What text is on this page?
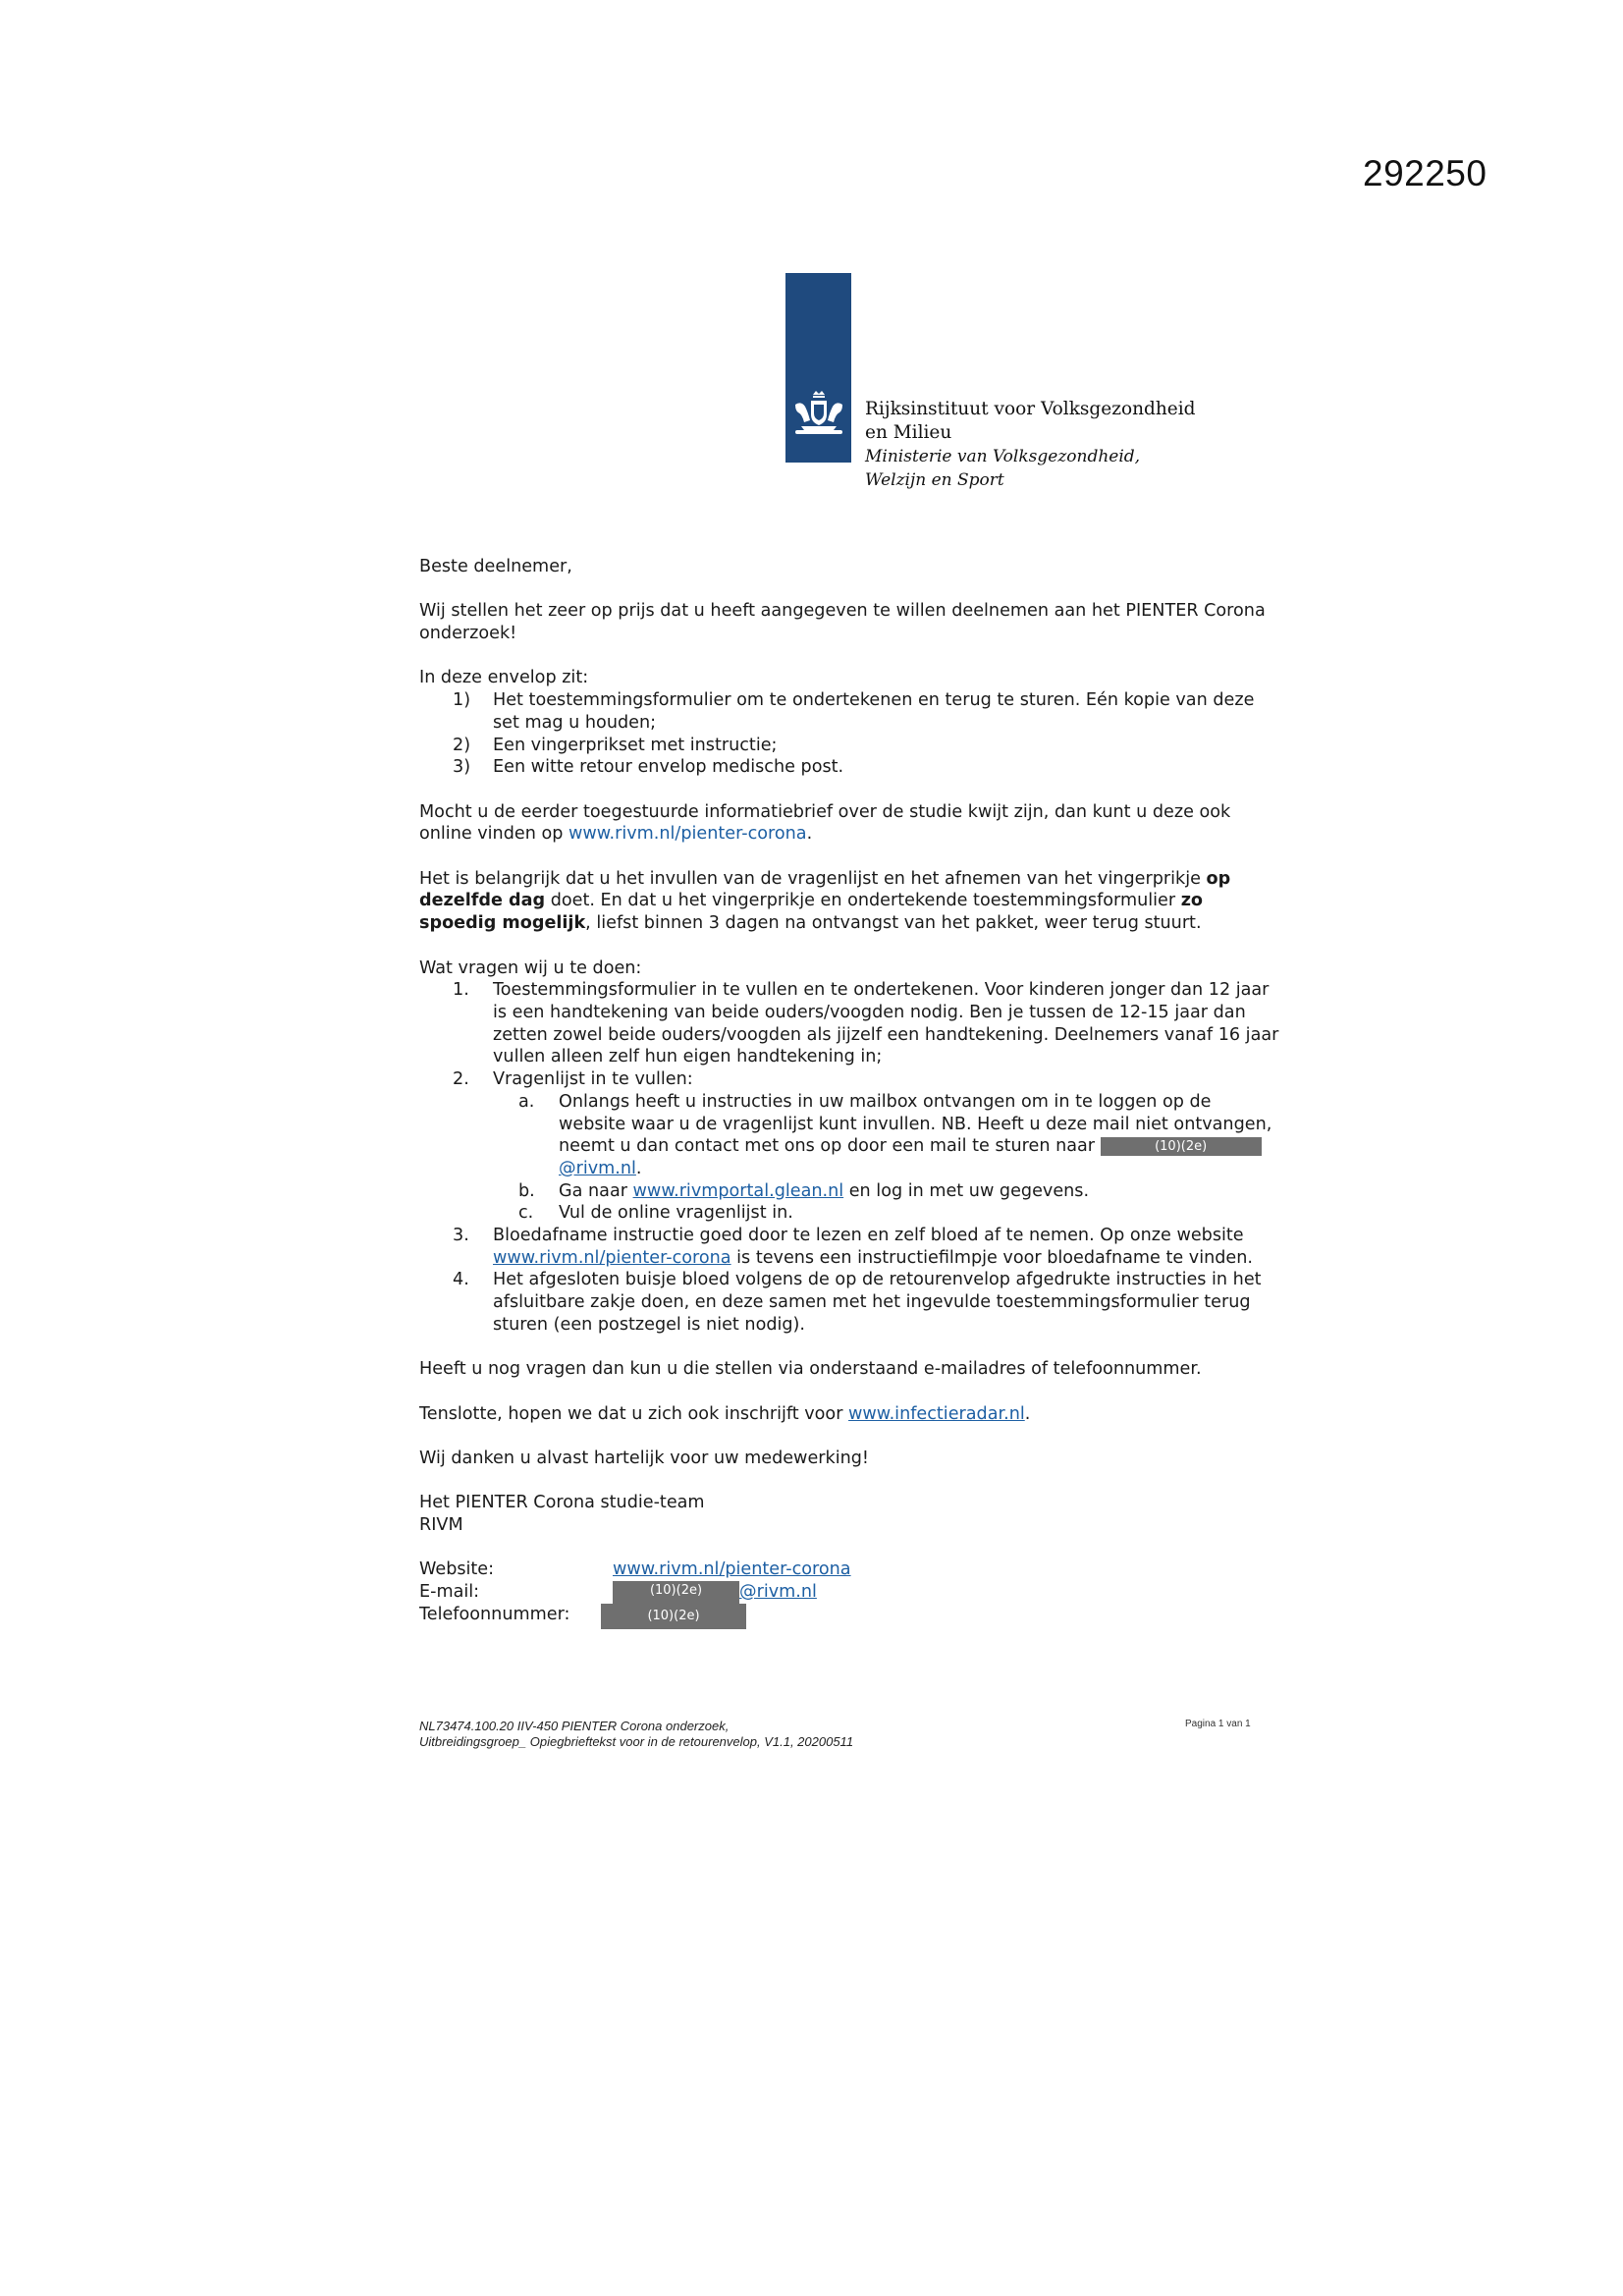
292250
Rijksinstituut voor Volksgezondheid
en Milieu
Ministerie van Volksgezondheid,
Welzijn en Sport

Beste deelnemer,

Wij stellen het zeer op prijs dat u heeft aangegeven te willen deelnemen aan het PIENTER Corona onderzoek!

In deze envelop zit:

1)	Het toestemmingsformulier om te ondertekenen en terug te sturen. Eén kopie van deze set mag u houden;
2)	Een vingerprikset met instructie;
3)	Een witte retour envelop medische post.

Mocht u de eerder toegestuurde informatiebrief over de studie kwijt zijn, dan kunt u deze ook online vinden op www.rivm.nl/pienter-corona.

Het is belangrijk dat u het invullen van de vragenlijst en het afnemen van het vingerprikje op dezelfde dag doet. En dat u het vingerprikje en ondertekende toestemmingsformulier zo spoedig mogelijk, liefst binnen 3 dagen na ontvangst van het pakket, weer terug stuurt.

Wat vragen wij u te doen:

1.	Toestemmingsformulier in te vullen en te ondertekenen. Voor kinderen jonger dan 12 jaar is een handtekening van beide ouders/voogden nodig. Ben je tussen de 12-15 jaar dan zetten zowel beide ouders/voogden als jijzelf een handtekening. Deelnemers vanaf 16 jaar vullen alleen zelf hun eigen handtekening in;
2.	Vragenlijst in te vullen:
a.	Onlangs heeft u instructies in uw mailbox ontvangen om in te loggen op de website waar u de vragenlijst kunt invullen. NB. Heeft u deze mail niet ontvangen, neemt u dan contact met ons op door een mail te sturen naar	(10)(2e)@rivm.nl.
b.	Ga naar www.rivmportal.glean.nl en log in met uw gegevens.
c.	Vul de online vragenlijst in.
3.	Bloedafname instructie goed door te lezen en zelf bloed af te nemen. Op onze website www.rivm.nl/pienter-corona is tevens een instructiefilmpje voor bloedafname te vinden.
4.	Het afgesloten buisje bloed volgens de op de retourenvelop afgedrukte instructies in het afsluitbare zakje doen, en deze samen met het ingevulde toestemmingsformulier terug sturen (een postzegel is niet nodig).

Heeft u nog vragen dan kun u die stellen via onderstaand e-mailadres of telefoonnummer.

Tenslotte, hopen we dat u zich ook inschrijft voor www.infectieradar.nl.

Wij danken u alvast hartelijk voor uw medewerking!

Het PIENTER Corona studie-team

RIVM

Website:	www.rivm.nl/pienter-corona
E-mail:	(10)(2e)	@rivm.nl
Telefoonnummer:	(10)(2e)
NL73474.100.20 IIV-450 PIENTER Corona onderzoek,
Uitbreidingsgroep_ Opiegbrieftekst voor in de retourenvelop, V1.1, 20200511
Pagina 1 van 1
